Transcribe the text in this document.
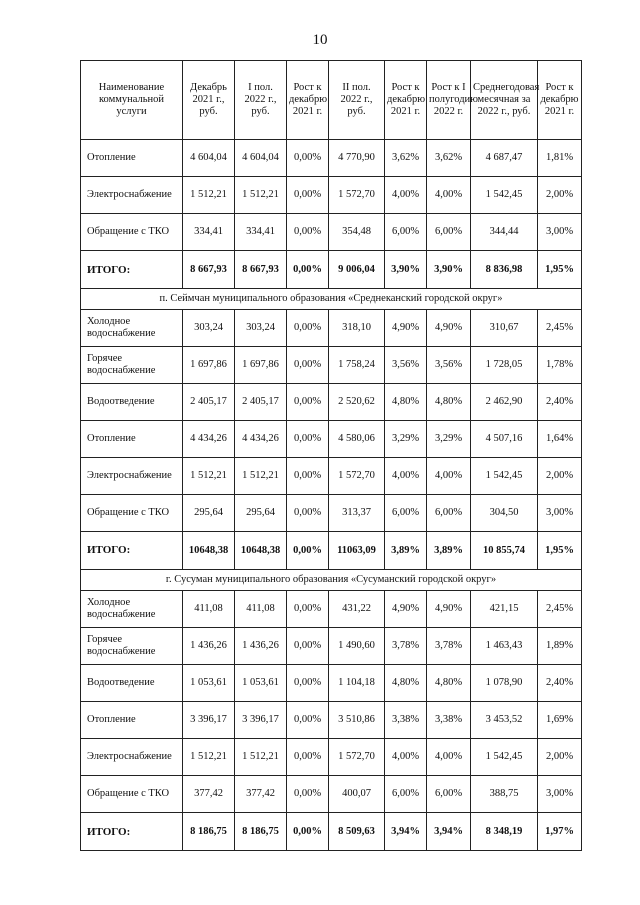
10
Наименование коммунальной услуги	Декабрь 2021 г., руб.	I пол. 2022 г., руб.	Рост к декабрю 2021 г.	II пол. 2022 г., руб.	Рост к декабрю 2021 г.	Рост к I полугодию 2022 г.	Среднегодовая месячная за 2022 г., руб.	Рост к декабрю 2021 г.
Отопление	4 604,04	4 604,04	0,00%	4 770,90	3,62%	3,62%	4 687,47	1,81%
Электроснабжение	1 512,21	1 512,21	0,00%	1 572,70	4,00%	4,00%	1 542,45	2,00%
Обращение с ТКО	334,41	334,41	0,00%	354,48	6,00%	6,00%	344,44	3,00%
ИТОГО:	8 667,93	8 667,93	0,00%	9 006,04	3,90%	3,90%	8 836,98	1,95%
п. Сеймчан муниципального образования «Среднеканский городской округ»								
Холодное водоснабжение	303,24	303,24	0,00%	318,10	4,90%	4,90%	310,67	2,45%
Горячее водоснабжение	1 697,86	1 697,86	0,00%	1 758,24	3,56%	3,56%	1 728,05	1,78%
Водоотведение	2 405,17	2 405,17	0,00%	2 520,62	4,80%	4,80%	2 462,90	2,40%
Отопление	4 434,26	4 434,26	0,00%	4 580,06	3,29%	3,29%	4 507,16	1,64%
Электроснабжение	1 512,21	1 512,21	0,00%	1 572,70	4,00%	4,00%	1 542,45	2,00%
Обращение с ТКО	295,64	295,64	0,00%	313,37	6,00%	6,00%	304,50	3,00%
ИТОГО:	10648,38	10648,38	0,00%	11063,09	3,89%	3,89%	10 855,74	1,95%
г. Сусуман муниципального образования «Сусуманский городской округ»								
Холодное водоснабжение	411,08	411,08	0,00%	431,22	4,90%	4,90%	421,15	2,45%
Горячее водоснабжение	1 436,26	1 436,26	0,00%	1 490,60	3,78%	3,78%	1 463,43	1,89%
Водоотведение	1 053,61	1 053,61	0,00%	1 104,18	4,80%	4,80%	1 078,90	2,40%
Отопление	3 396,17	3 396,17	0,00%	3 510,86	3,38%	3,38%	3 453,52	1,69%
Электроснабжение	1 512,21	1 512,21	0,00%	1 572,70	4,00%	4,00%	1 542,45	2,00%
Обращение с ТКО	377,42	377,42	0,00%	400,07	6,00%	6,00%	388,75	3,00%
ИТОГО:	8 186,75	8 186,75	0,00%	8 509,63	3,94%	3,94%	8 348,19	1,97%
